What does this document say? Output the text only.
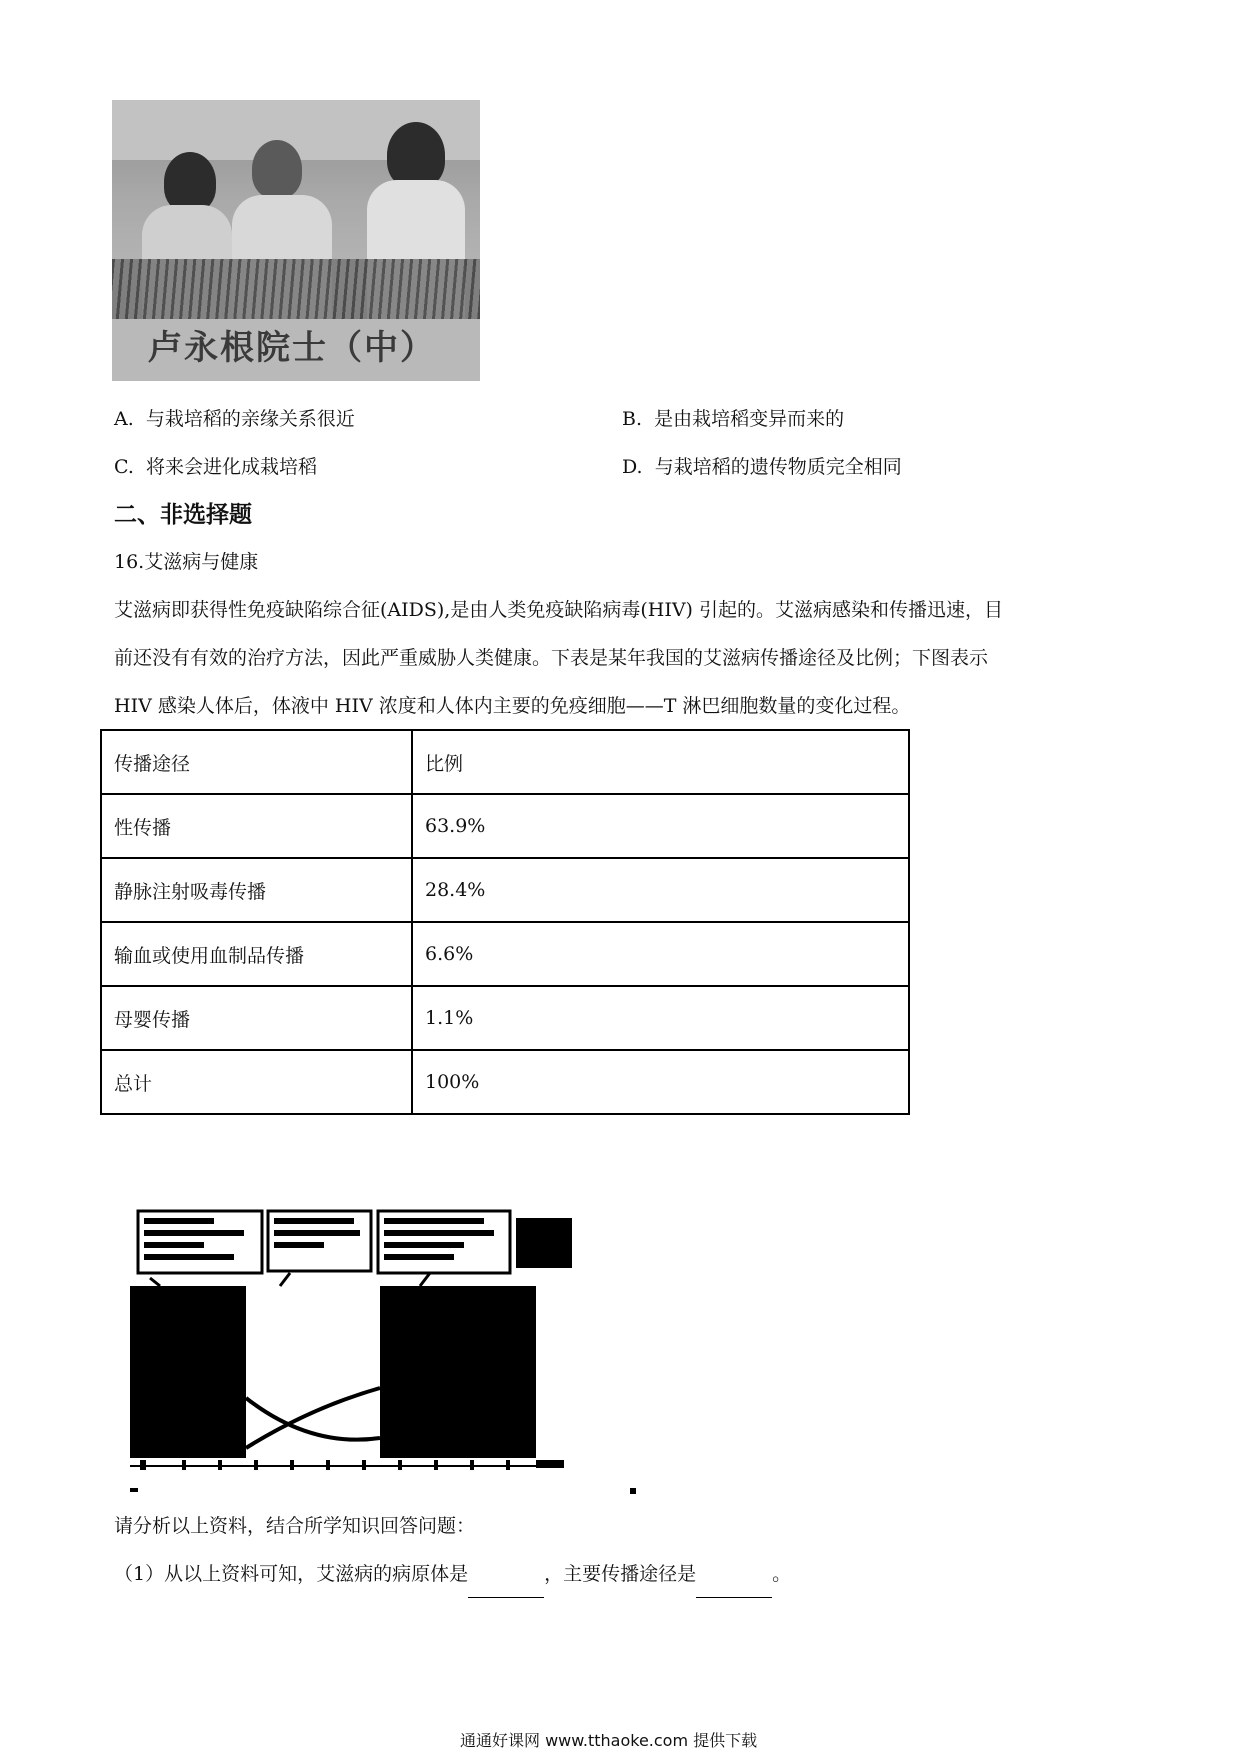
卢永根院士（中）
A. 与栽培稻的亲缘关系很近	B. 是由栽培稻变异而来的
C. 将来会进化成栽培稻	D. 与栽培稻的遗传物质完全相同
二、非选择题
16.艾滋病与健康
艾滋病即获得性免疫缺陷综合征(AIDS),是由人类免疫缺陷病毒(HIV) 引起的。艾滋病感染和传播迅速，目
前还没有有效的治疗方法，因此严重威胁人类健康。下表是某年我国的艾滋病传播途径及比例；下图表示
HIV 感染人体后，体液中 HIV 浓度和人体内主要的免疫细胞——T 淋巴细胞数量的变化过程。
传播途径	比例
性传播	63.9%
静脉注射吸毒传播	28.4%
输血或使用血制品传播	6.6%
母婴传播	1.1%
总计	100%
请分析以上资料，结合所学知识回答问题：
（1）从以上资料可知，艾滋病的病原体是	，主要传播途径是	。
通通好课网 www.tthaoke.com 提供下载
